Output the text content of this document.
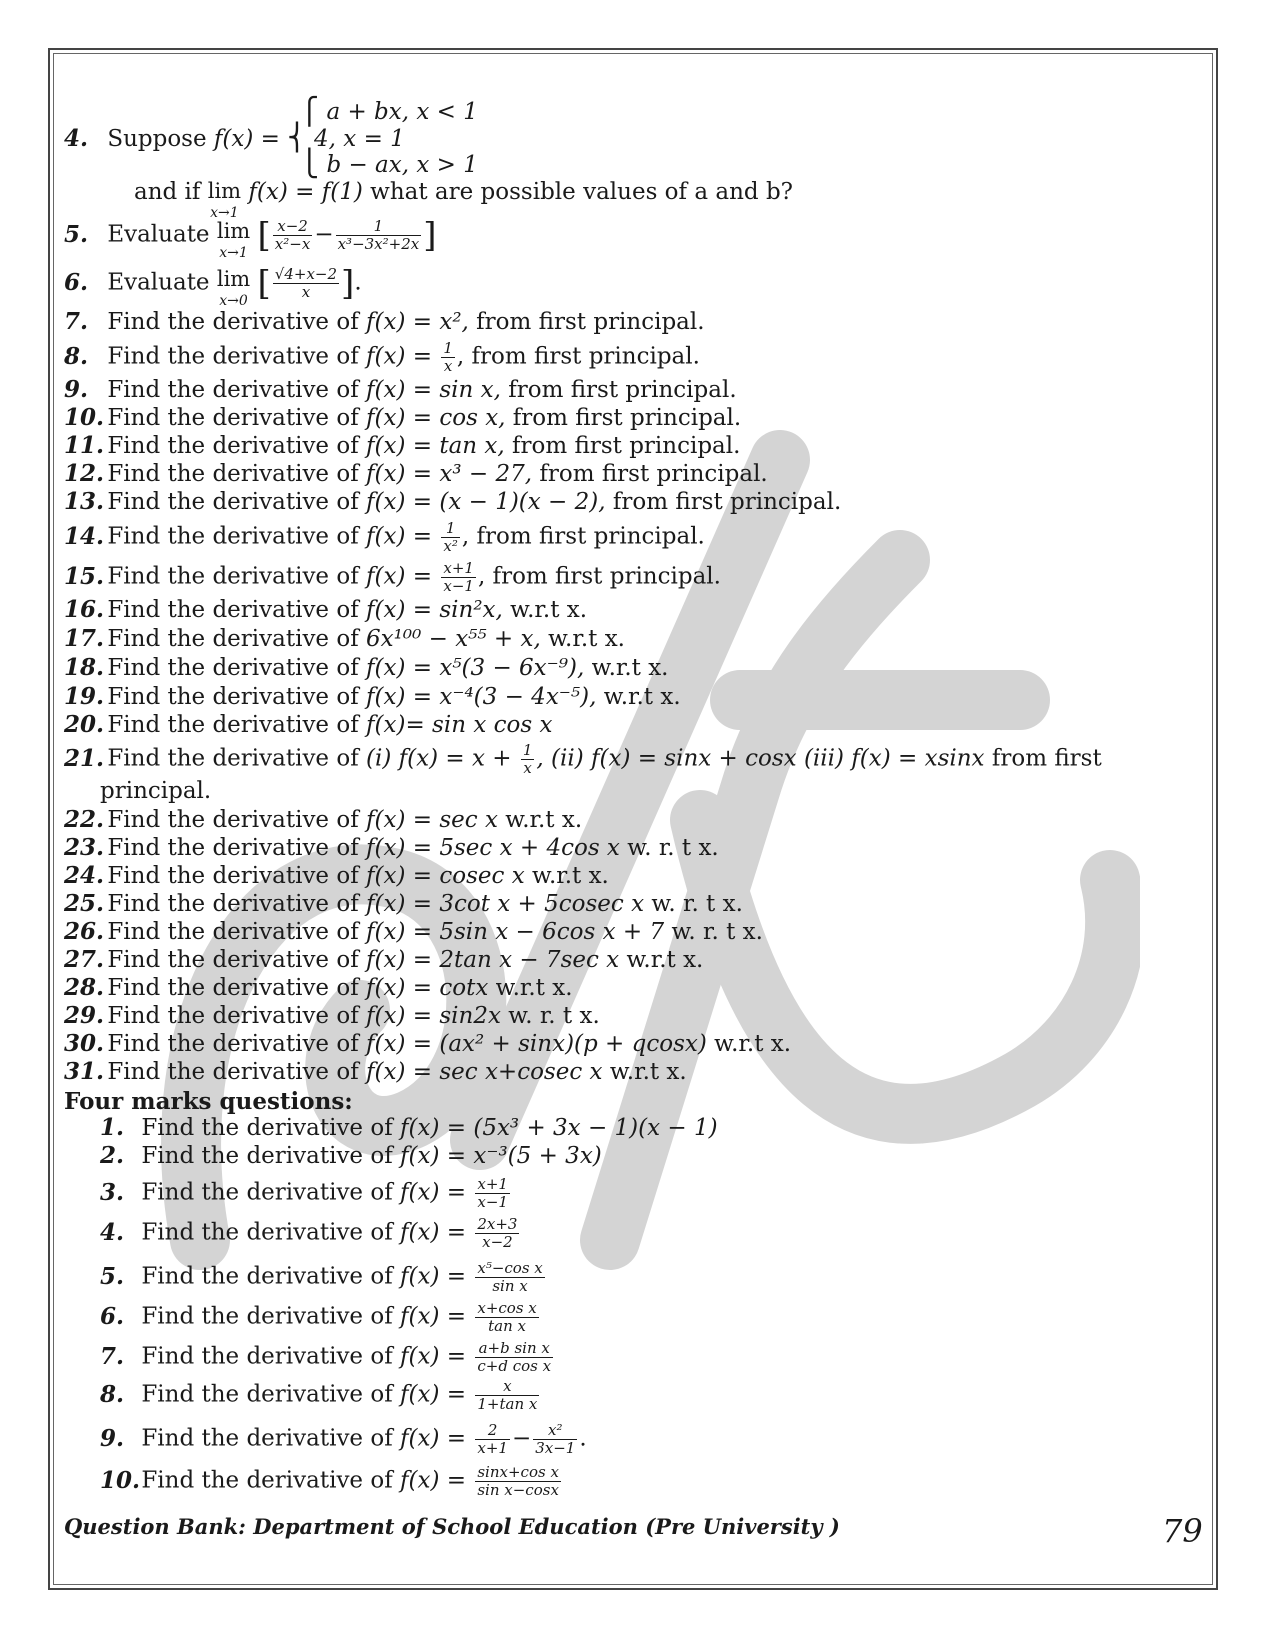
⎧ a + bx, x < 1
4. Suppose f(x) = ⎨ 4, x = 1
⎩ b − ax, x > 1
and if lim
x→1
f(x) = f(1) what are possible values of a and b?
5. Evaluate lim
x→1 [ $\frac{x-2}{\text{x²−x}} - \frac{1}{\text{x³−3x²+2x}}$ ]
6. Evaluate lim
x→0 [ $\frac{√4+x-2}{x}$ ].
7. Find the derivative of f(x) = x², from first principal.
8. Find the derivative of $f(x) = \frac{1}{x}$ , from first principal.
9. Find the derivative of f(x) = sin x, from first principal.
10. Find the derivative of f(x) = cos x, from first principal.
11. Find the derivative of f(x) = tan x, from first principal.
12. Find the derivative of f(x) = x³ − 27, from first principal.
13. Find the derivative of f(x) = (x − 1)(x − 2), from first principal.
14. Find the derivative of $f(x) = \frac{1}{\text{x²}}$ , from first principal.
15. Find the derivative of $f(x) = \frac{x+1}{x-1}$ , from first principal.
16. Find the derivative of f(x) = sin²x, w.r.t x.
17. Find the derivative of 6x¹⁰⁰ − x⁵⁵ + x, w.r.t x.
18. Find the derivative of f(x) = x⁵(3 − 6x⁻⁹), w.r.t x.
19. Find the derivative of f(x) = x⁻⁴(3 − 4x⁻⁵), w.r.t x.
20. Find the derivative of f(x)= sin x cos x
21. Find the derivative of (i) $f(x) = x + \frac{1}{x}$ , (ii) f(x) = sinx + cosx (iii) f(x) = xsinx from first
principal.
22. Find the derivative of f(x) = sec x w.r.t x.
23. Find the derivative of f(x) = 5sec x + 4cos x w. r. t x.
24. Find the derivative of f(x) = cosec x w.r.t x.
25. Find the derivative of f(x) = 3cot x + 5cosec x w. r. t x.
26. Find the derivative of f(x) = 5sin x − 6cos x + 7 w. r. t x.
27. Find the derivative of f(x) = 2tan x − 7sec x w.r.t x.
28. Find the derivative of f(x) = cotx w.r.t x.
29. Find the derivative of f(x) = sin2x w. r. t x.
30. Find the derivative of f(x) = (ax² + sinx)(p + qcosx) w.r.t x.
31. Find the derivative of f(x) = sec x+cosec x w.r.t x.
Four marks questions:
1. Find the derivative of f(x) = (5x³ + 3x − 1)(x − 1)
2. Find the derivative of f(x) = x⁻³(5 + 3x)
3. Find the derivative of $f(x) = \frac{x+1}{x-1}$
4. Find the derivative of $f(x) = \frac{2x+3}{x-2}$
5. Find the derivative of $f(x) = \frac{\text{x⁵−cos x}}{\text{sin x}}$
6. Find the derivative of $f(x) = \frac{\text{x+cos x}}{\text{tan x}}$
7. Find the derivative of $f(x) = \frac{\text{a+b sin x}}{\text{c+d cos x}}$
8. Find the derivative of $f(x) = \frac{x}{\text{1+tan x}}$
9. Find the derivative of $f(x) = \frac{2}{x+1} - \frac{\text{x²}}{3x-1}$ .
10. Find the derivative of $f(x) = \frac{\text{sinx+cos x}}{\text{sin x−cosx}}$
Question Bank: Department of School Education (Pre University )	79
